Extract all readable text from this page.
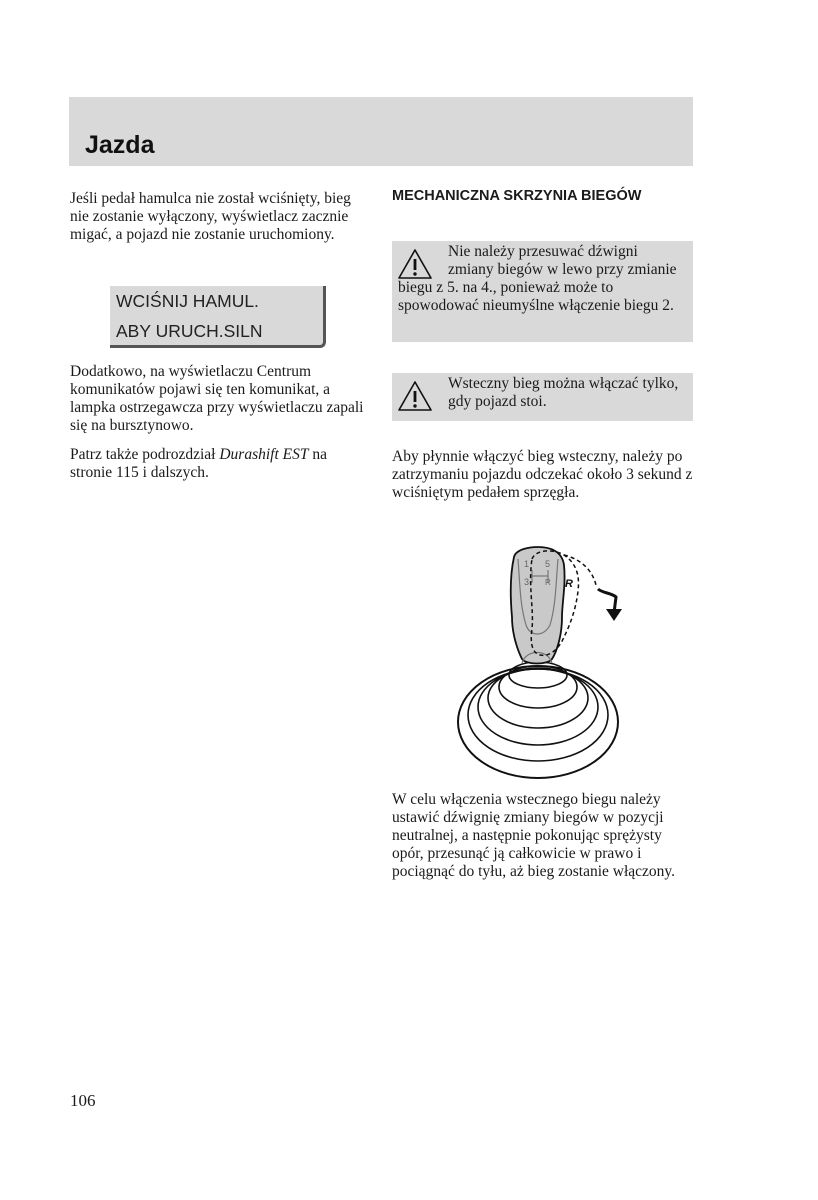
Jazda

Jeśli pedał hamulca nie został wciśnięty, bieg nie zostanie wyłączony, wyświetlacz zacznie migać, a pojazd nie zostanie uruchomiony.

WCIŚNIJ HAMUL.
ABY URUCH.SILN

Dodatkowo, na wyświetlaczu Centrum komunikatów pojawi się ten komunikat, a lampka ostrzegawcza przy wyświetlaczu zapali się na bursztynowo.

Patrz także podrozdział Durashift EST na stronie 115 i dalszych.

MECHANICZNA SKRZYNIA BIEGÓW

Nie należy przesuwać dźwigni zmiany biegów w lewo przy zmianie biegu z 5. na 4., ponieważ może to spowodować nieumyślne włączenie biegu 2.

Wsteczny bieg można włączać tylko, gdy pojazd stoi.

Aby płynnie włączyć bieg wsteczny, należy po zatrzymaniu pojazdu odczekać około 3 sekund z wciśniętym pedałem sprzęgła.

1 5
3 R R

W celu włączenia wstecznego biegu należy ustawić dźwignię zmiany biegów w pozycji neutralnej, a następnie pokonując sprężysty opór, przesunąć ją całkowicie w prawo i pociągnąć do tyłu, aż bieg zostanie włączony.

106
